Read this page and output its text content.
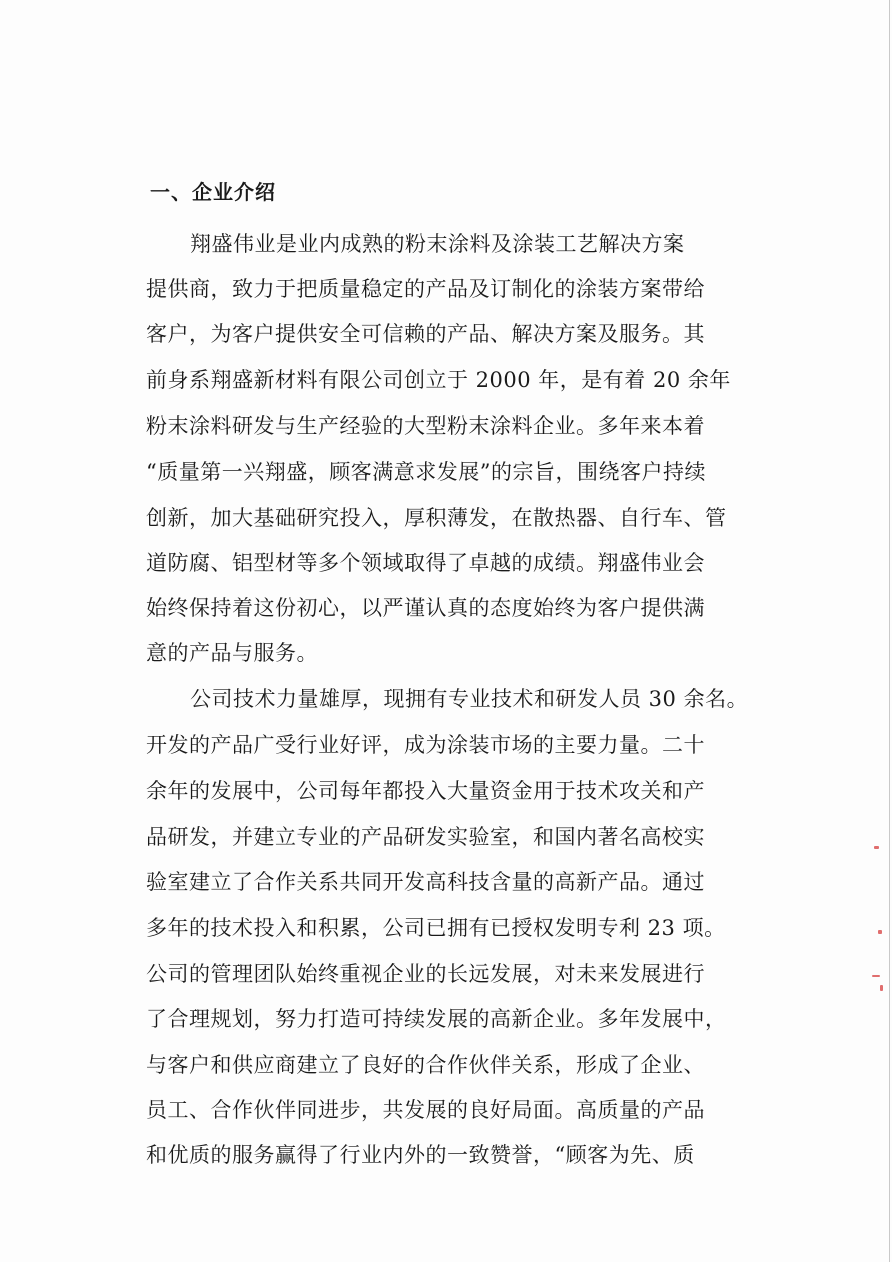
一、企业介绍
翔盛伟业是业内成熟的粉末涂料及涂装工艺解决方案
提供商，致力于把质量稳定的产品及订制化的涂装方案带给
客户，为客户提供安全可信赖的产品、解决方案及服务。其
前身系翔盛新材料有限公司创立于 2000 年，是有着 20 余年
粉末涂料研发与生产经验的大型粉末涂料企业。多年来本着
“质量第一兴翔盛，顾客满意求发展”的宗旨，围绕客户持续
创新，加大基础研究投入，厚积薄发，在散热器、自行车、管
道防腐、铝型材等多个领域取得了卓越的成绩。翔盛伟业会
始终保持着这份初心，以严谨认真的态度始终为客户提供满
意的产品与服务。
公司技术力量雄厚，现拥有专业技术和研发人员 30 余名。
开发的产品广受行业好评，成为涂装市场的主要力量。二十
余年的发展中，公司每年都投入大量资金用于技术攻关和产
品研发，并建立专业的产品研发实验室，和国内著名高校实
验室建立了合作关系共同开发高科技含量的高新产品。通过
多年的技术投入和积累，公司已拥有已授权发明专利 23 项。
公司的管理团队始终重视企业的长远发展，对未来发展进行
了合理规划，努力打造可持续发展的高新企业。多年发展中，
与客户和供应商建立了良好的合作伙伴关系，形成了企业、
员工、合作伙伴同进步，共发展的良好局面。高质量的产品
和优质的服务赢得了行业内外的一致赞誉，“顾客为先、质
